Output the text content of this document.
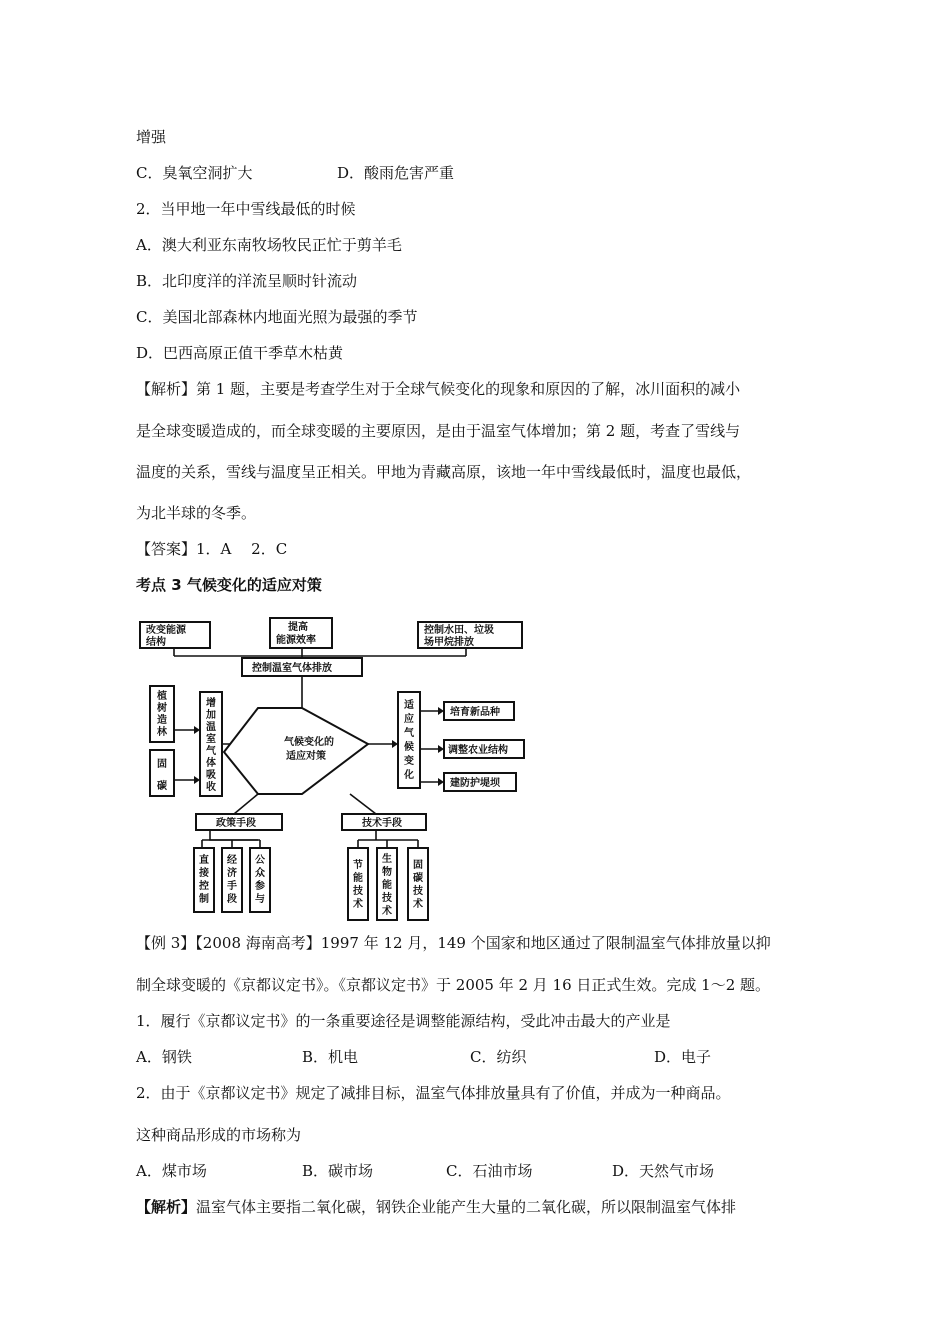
增强
C．臭氧空洞扩大	D．酸雨危害严重
2．当甲地一年中雪线最低的时候
A．澳大利亚东南牧场牧民正忙于剪羊毛
B．北印度洋的洋流呈顺时针流动
C．美国北部森林内地面光照为最强的季节
D．巴西高原正值干季草木枯黄
【解析】第 1 题，主要是考查学生对于全球气候变化的现象和原因的了解，冰川面积的减小
是全球变暖造成的，而全球变暖的主要原因，是由于温室气体增加；第 2 题，考查了雪线与
温度的关系，雪线与温度呈正相关。甲地为青藏高原，该地一年中雪线最低时，温度也最低，
为北半球的冬季。
【答案】1．A　 2．C
考点 3 气候变化的适应对策
改变能源
结构
提高
能源效率
控制水田、垃圾
场甲烷排放
控制温室气体排放
植
树
造
林
固
碳
增
加
温
室
气
体
吸
收
气候变化的
适应对策
适
应
气
候
变
化
培育新品种
调整农业结构
建防护堤坝
政策手段	技术手段
直
接
控
制
经
济
手
段
公
众
参
与
节
能
技
术
生
物
能
技
术
固
碳
技
术
【例 3】【2008 海南高考】1997 年 12 月，149 个国家和地区通过了限制温室气体排放量以抑
制全球变暖的《京都议定书》。《京都议定书》于 2005 年 2 月 16 日正式生效。完成 1～2 题。
1．履行《京都议定书》的一条重要途径是调整能源结构，受此冲击最大的产业是
A．钢铁	B．机电	C．纺织	D．电子
2．由于《京都议定书》规定了减排目标，温室气体排放量具有了价值，并成为一种商品。
这种商品形成的市场称为
A．煤市场	B．碳市场	C．石油市场	D．天然气市场
【解析】温室气体主要指二氧化碳，钢铁企业能产生大量的二氧化碳，所以限制温室气体排
